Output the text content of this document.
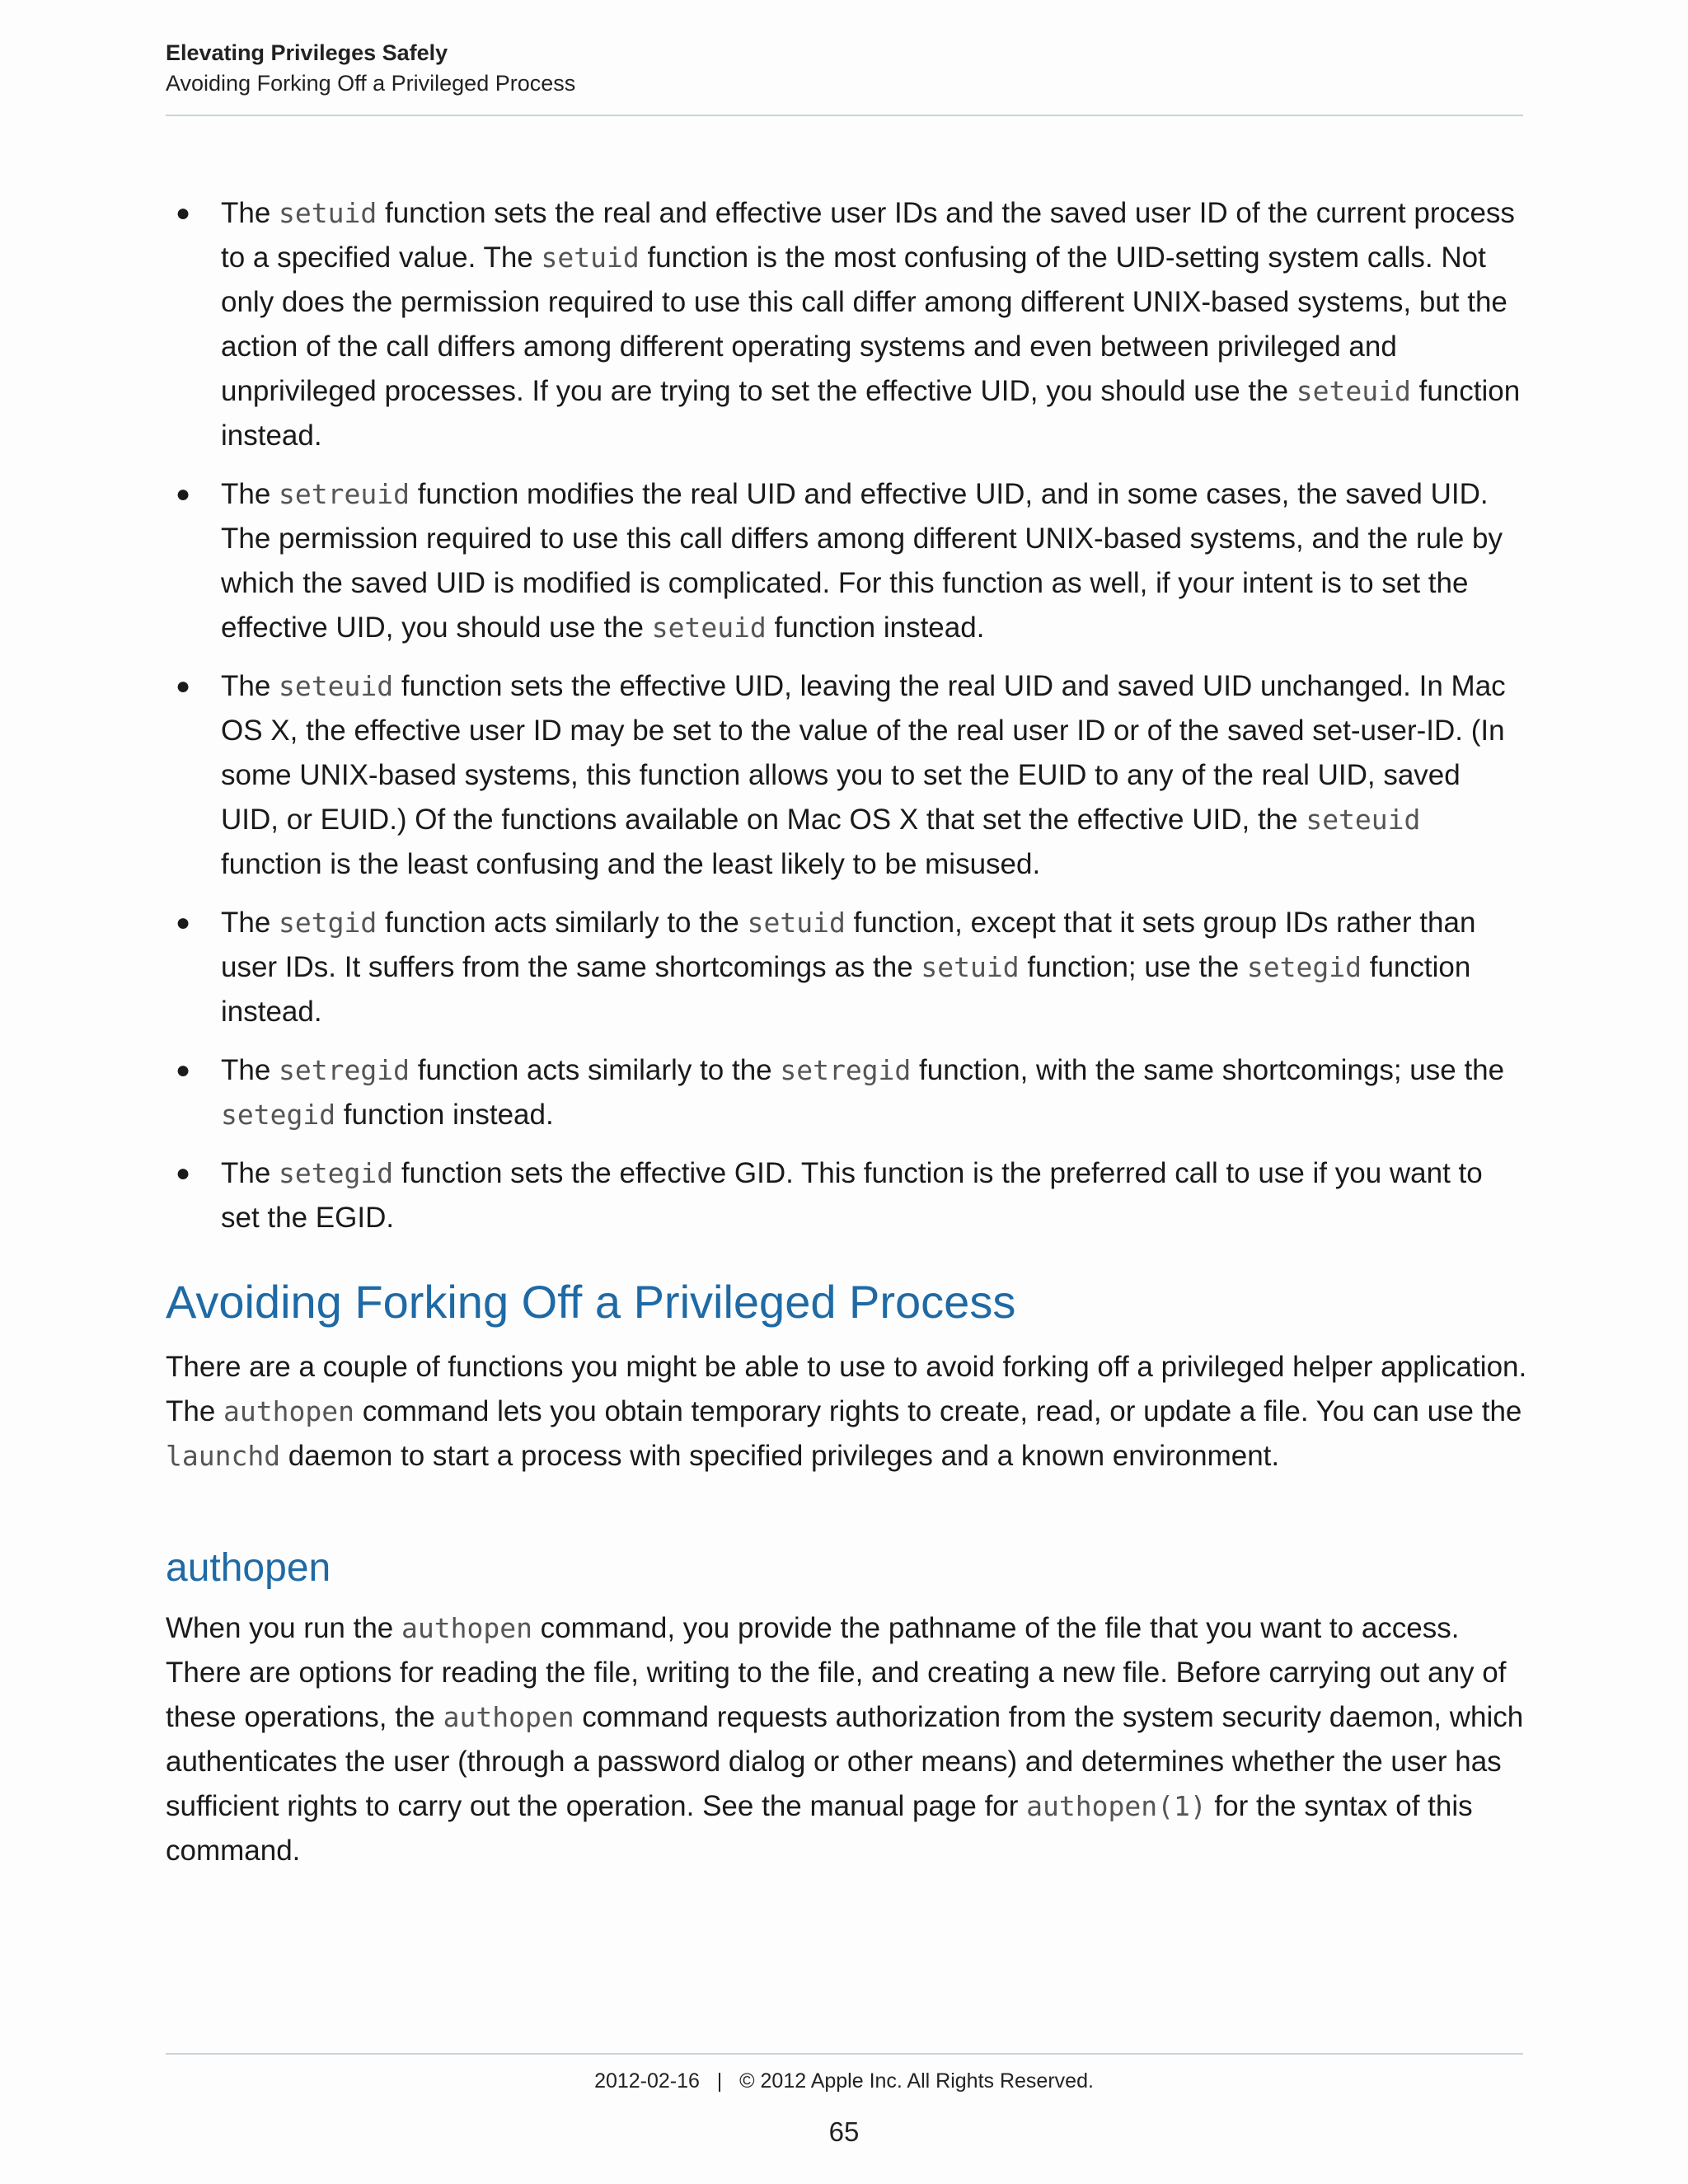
Elevating Privileges Safely
Avoiding Forking Off a Privileged Process
● The setuid function sets the real and effective user IDs and the saved user ID of the current process to a specified value. The setuid function is the most confusing of the UID-setting system calls. Not only does the permission required to use this call differ among different UNIX-based systems, but the action of the call differs among different operating systems and even between privileged and unprivileged processes. If you are trying to set the effective UID, you should use the seteuid function instead.
● The setreuid function modifies the real UID and effective UID, and in some cases, the saved UID. The permission required to use this call differs among different UNIX-based systems, and the rule by which the saved UID is modified is complicated. For this function as well, if your intent is to set the effective UID, you should use the seteuid function instead.
● The seteuid function sets the effective UID, leaving the real UID and saved UID unchanged. In Mac OS X, the effective user ID may be set to the value of the real user ID or of the saved set-user-ID. (In some UNIX-based systems, this function allows you to set the EUID to any of the real UID, saved UID, or EUID.) Of the functions available on Mac OS X that set the effective UID, the seteuid function is the least confusing and the least likely to be misused.
● The setgid function acts similarly to the setuid function, except that it sets group IDs rather than user IDs. It suffers from the same shortcomings as the setuid function; use the setegid function instead.
● The setregid function acts similarly to the setregid function, with the same shortcomings; use the setegid function instead.
● The setegid function sets the effective GID. This function is the preferred call to use if you want to set the EGID.
Avoiding Forking Off a Privileged Process

There are a couple of functions you might be able to use to avoid forking off a privileged helper application. The authopen command lets you obtain temporary rights to create, read, or update a file. You can use the launchd daemon to start a process with specified privileges and a known environment.

authopen

When you run the authopen command, you provide the pathname of the file that you want to access. There are options for reading the file, writing to the file, and creating a new file. Before carrying out any of these operations, the authopen command requests authorization from the system security daemon, which authenticates the user (through a password dialog or other means) and determines whether the user has sufficient rights to carry out the operation. See the manual page for authopen(1) for the syntax of this command.

2012-02-16 | © 2012 Apple Inc. All Rights Reserved.
65
